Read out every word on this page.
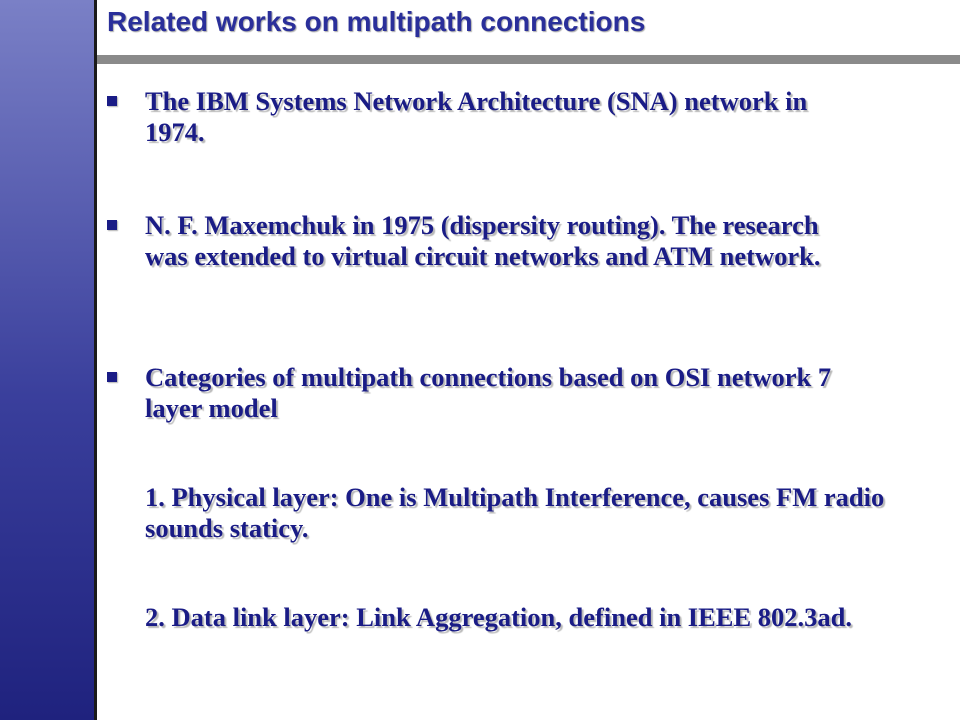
Related works on multipath connections
The IBM Systems Network Architecture (SNA) network in 1974.
N. F. Maxemchuk in 1975 (dispersity routing). The research was extended to virtual circuit networks and ATM network.
Categories of multipath connections based on OSI network 7 layer model
1. Physical layer: One is Multipath Interference, causes FM radio sounds staticy.
2. Data link layer: Link Aggregation, defined in IEEE 802.3ad.
